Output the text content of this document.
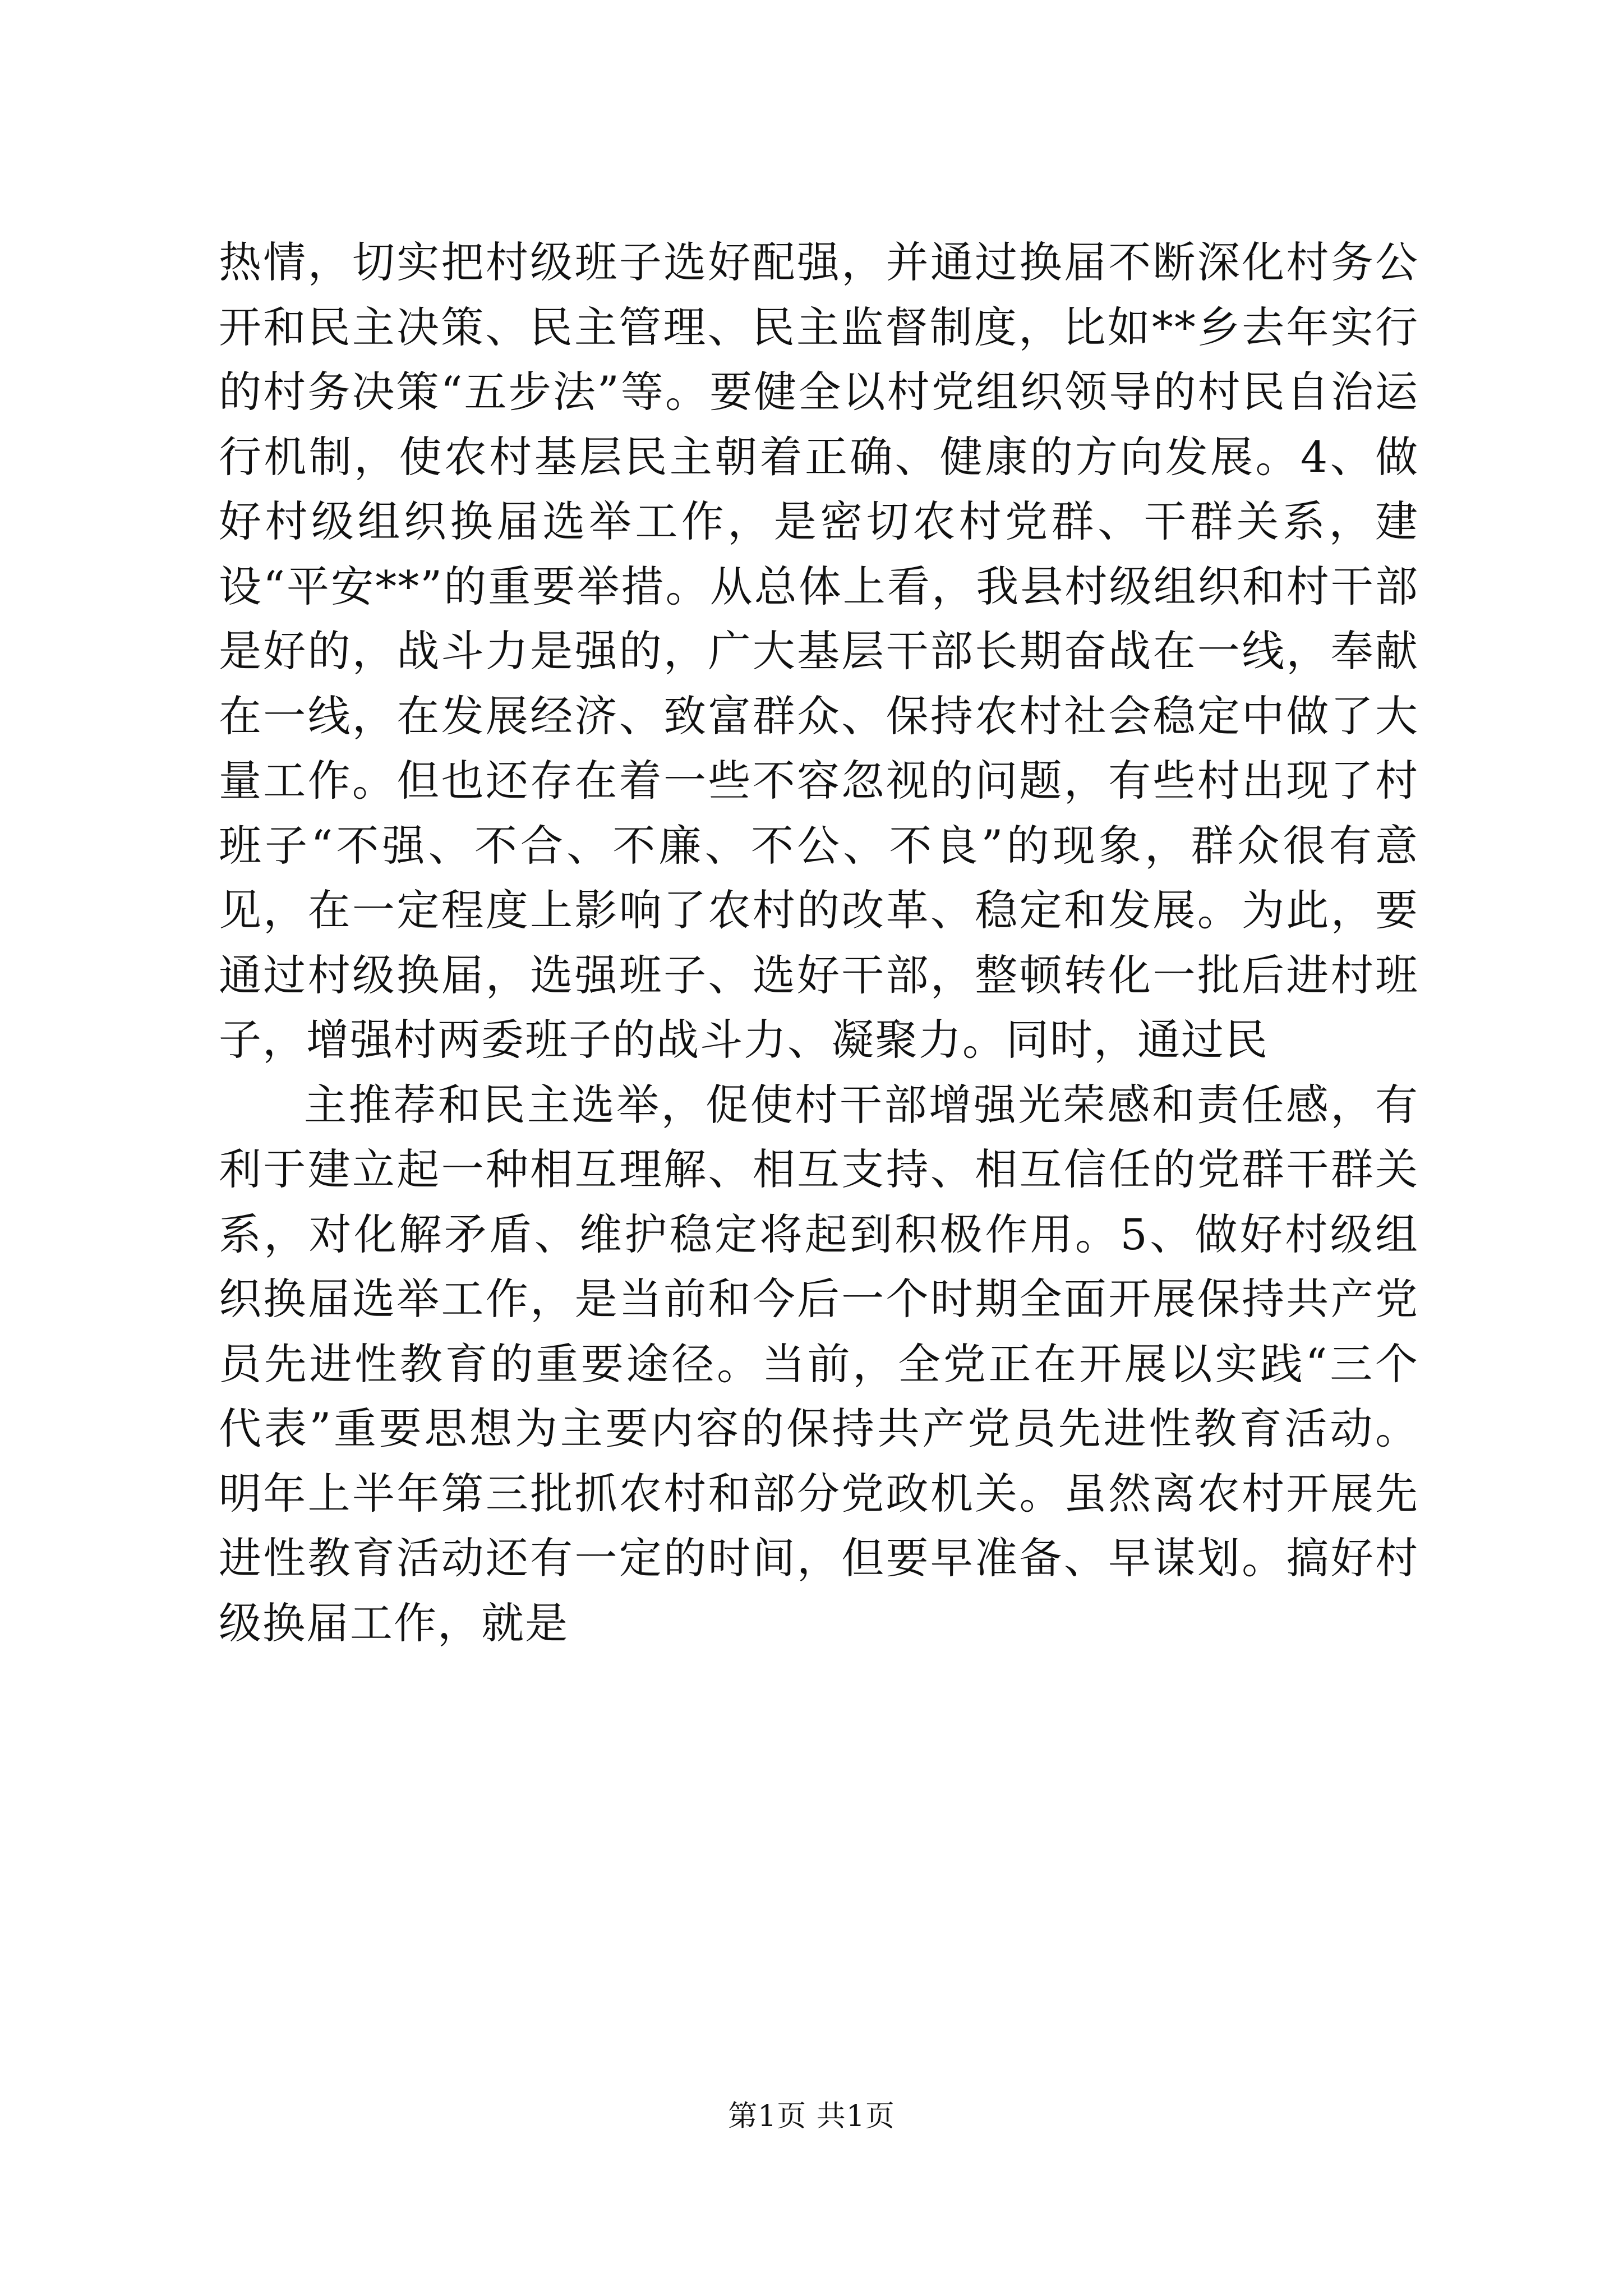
热情，切实把村级班子选好配强，并通过换届不断深化村务公开和民主决策、民主管理、民主监督制度，比如**乡去年实行的村务决策“五步法”等。要健全以村党组织领导的村民自治运行机制，使农村基层民主朝着正确、健康的方向发展。4、做好村级组织换届选举工作，是密切农村党群、干群关系，建设“平安**”的重要举措。从总体上看，我县村级组织和村干部是好的，战斗力是强的，广大基层干部长期奋战在一线，奉献在一线，在发展经济、致富群众、保持农村社会稳定中做了大量工作。但也还存在着一些不容忽视的问题，有些村出现了村班子“不强、不合、不廉、不公、不良”的现象，群众很有意见，在一定程度上影响了农村的改革、稳定和发展。为此，要通过村级换届，选强班子、选好干部，整顿转化一批后进村班子，增强村两委班子的战斗力、凝聚力。同时，通过民

主推荐和民主选举，促使村干部增强光荣感和责任感，有利于建立起一种相互理解、相互支持、相互信任的党群干群关系，对化解矛盾、维护稳定将起到积极作用。5、做好村级组织换届选举工作，是当前和今后一个时期全面开展保持共产党员先进性教育的重要途径。当前，全党正在开展以实践“三个代表”重要思想为主要内容的保持共产党员先进性教育活动。明年上半年第三批抓农村和部分党政机关。虽然离农村开展先进性教育活动还有一定的时间，但要早准备、早谋划。搞好村级换届工作，就是

第1页 共1页
